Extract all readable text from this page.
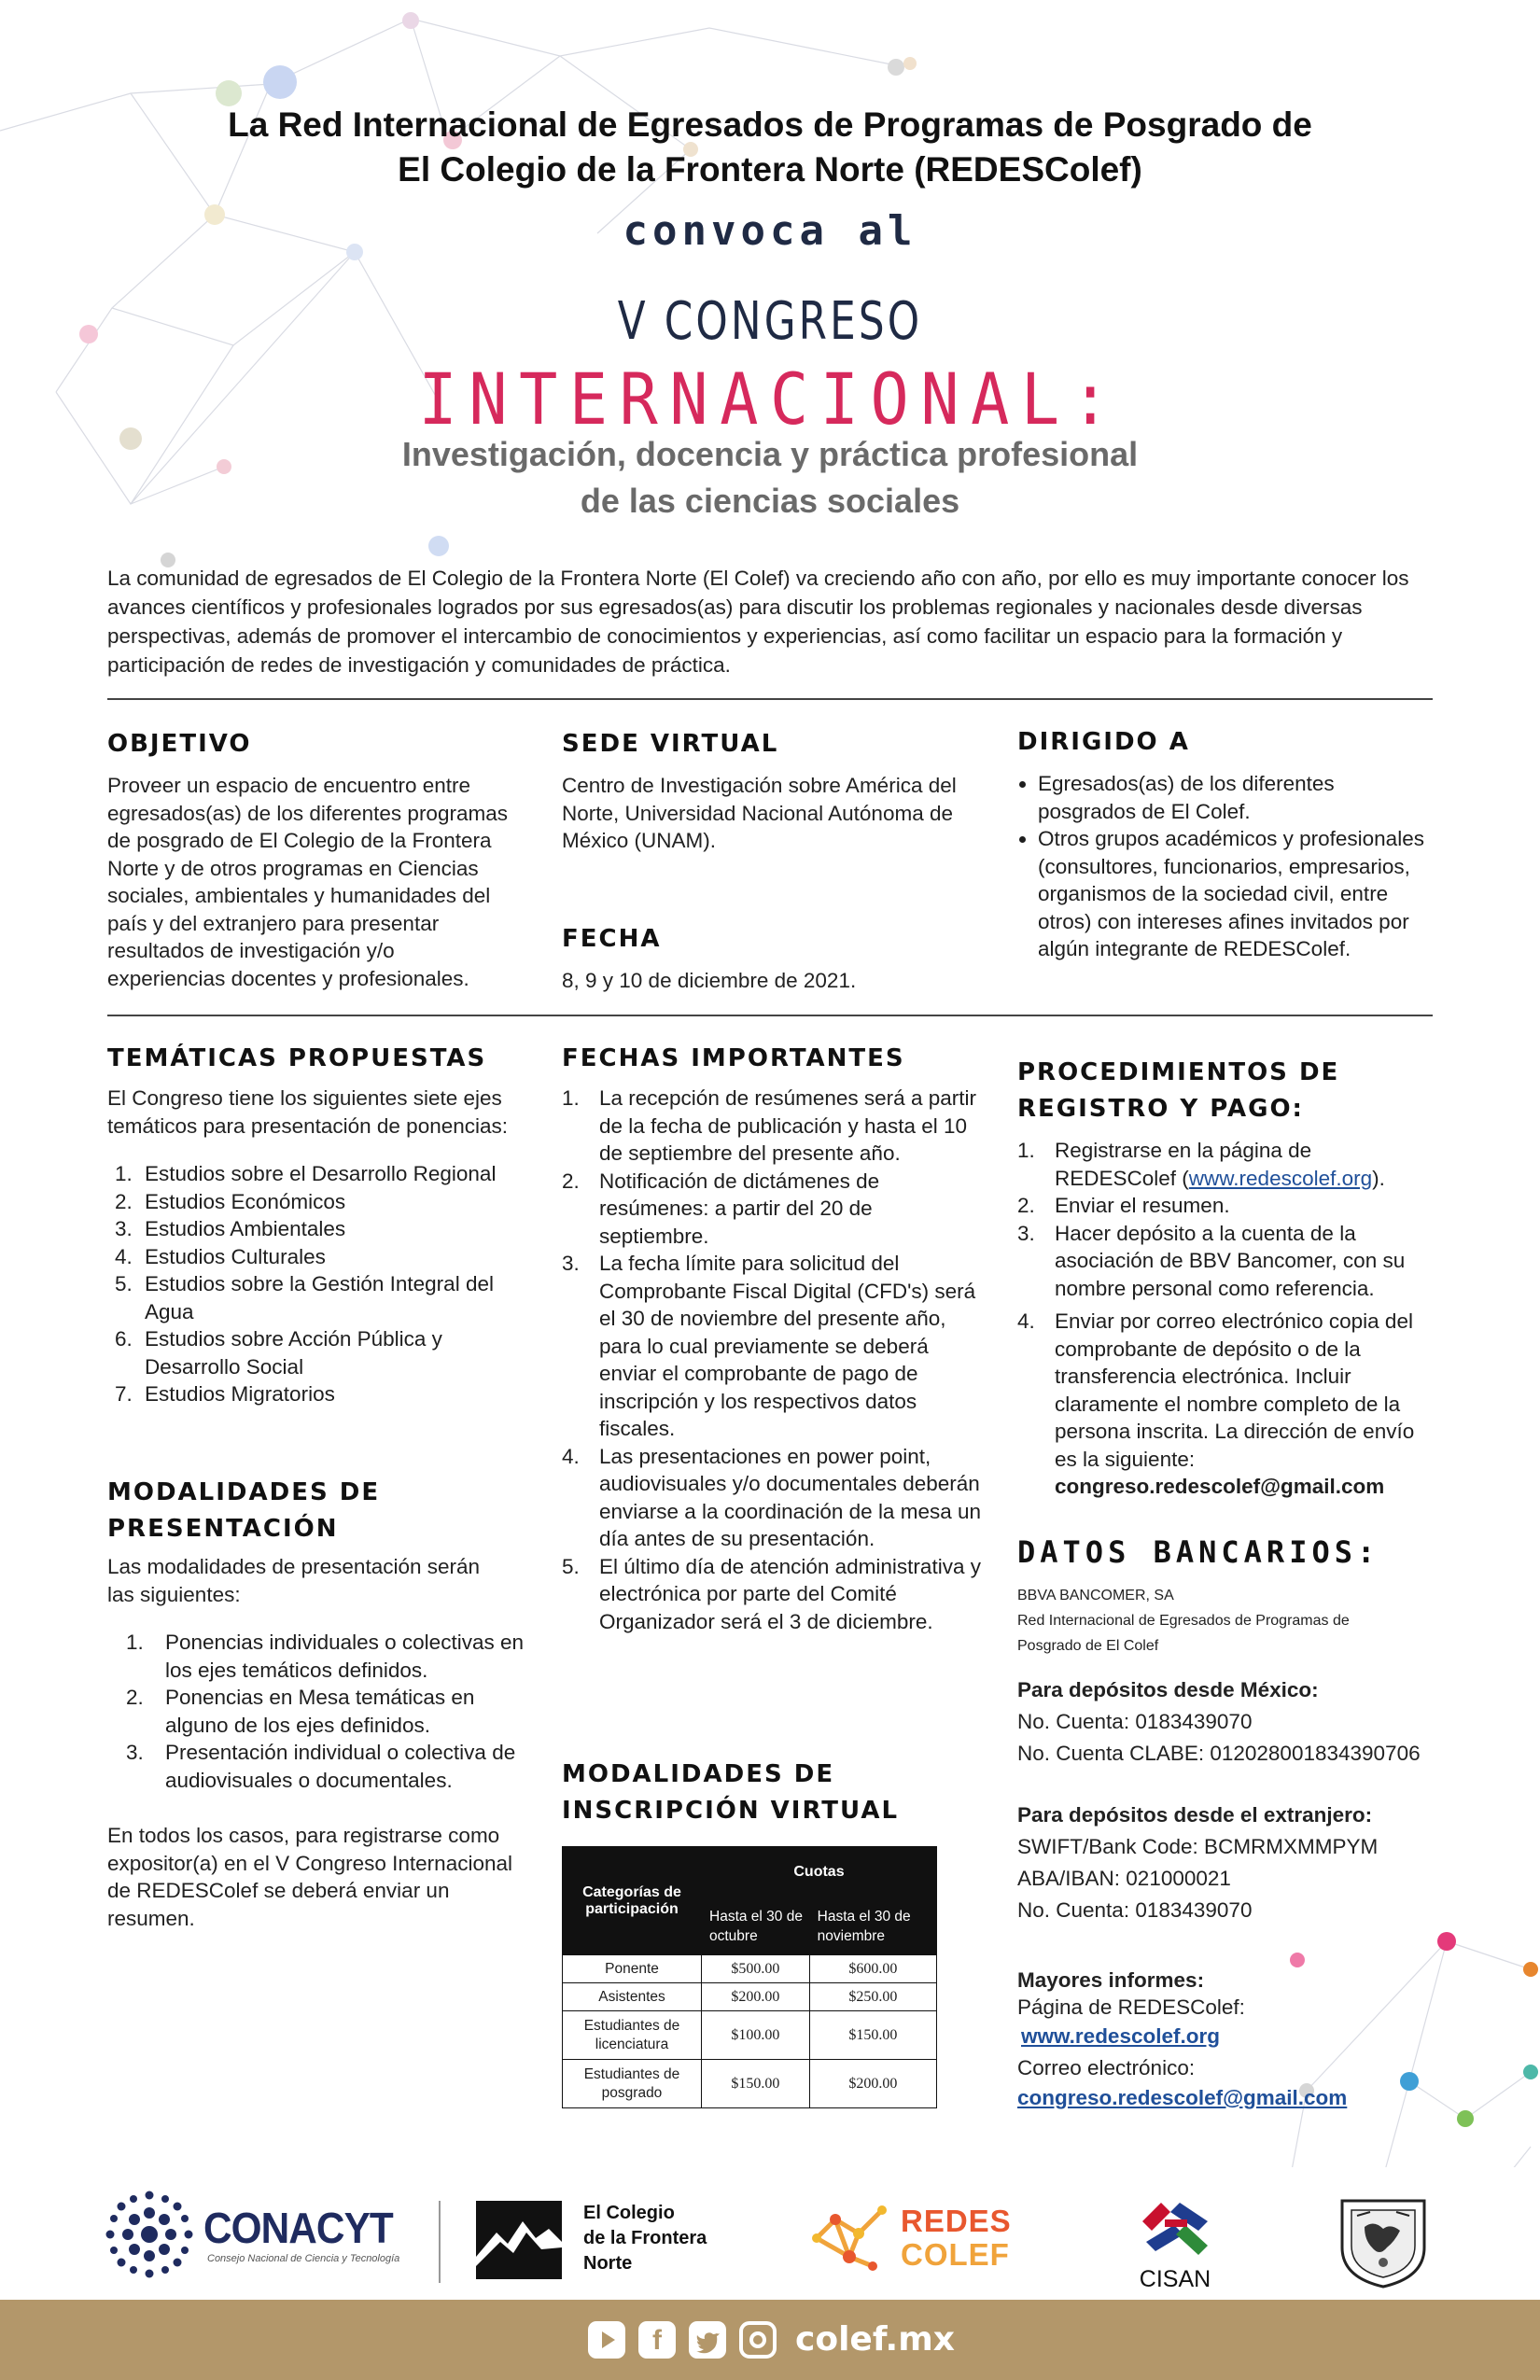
La Red Internacional de Egresados de Programas de Posgrado de
El Colegio de la Frontera Norte (REDESColef)
convoca al
V CONGRESO
INTERNACIONAL:
Investigación, docencia y práctica profesional
de las ciencias sociales
La comunidad de egresados de El Colegio de la Frontera Norte (El Colef) va creciendo año con año, por ello es muy importante conocer los avances científicos y profesionales logrados por sus egresados(as) para discutir los problemas regionales y nacionales desde diversas perspectivas, además de promover el intercambio de conocimientos y experiencias, así como facilitar un espacio para la formación y participación de redes de investigación y comunidades de práctica.
OBJETIVO
Proveer un espacio de encuentro entre egresados(as) de los diferentes programas de posgrado de El Colegio de la Frontera Norte y de otros programas en Ciencias sociales, ambientales y humanidades del país y del extranjero para presentar resultados de investigación y/o experiencias docentes y profesionales.
SEDE VIRTUAL
Centro de Investigación sobre América del Norte, Universidad Nacional Autónoma de México (UNAM).
FECHA
8, 9 y 10 de diciembre de 2021.
DIRIGIDO A
• Egresados(as) de los diferentes posgrados de El Colef.
• Otros grupos académicos y profesionales (consultores, funcionarios, empresarios, organismos de la sociedad civil, entre otros) con intereses afines invitados por algún integrante de REDESColef.
TEMÁTICAS PROPUESTAS
El Congreso tiene los siguientes siete ejes temáticos para presentación de ponencias:
1. Estudios sobre el Desarrollo Regional
2. Estudios Económicos
3. Estudios Ambientales
4. Estudios Culturales
5. Estudios sobre la Gestión Integral del Agua
6. Estudios sobre Acción Pública y Desarrollo Social
7. Estudios Migratorios
MODALIDADES DE PRESENTACIÓN
Las modalidades de presentación serán las siguientes:
1. Ponencias individuales o colectivas en los ejes temáticos definidos.
2. Ponencias en Mesa temáticas en alguno de los ejes definidos.
3. Presentación individual o colectiva de audiovisuales o documentales.
En todos los casos, para registrarse como expositor(a) en el V Congreso Internacional de REDESColef se deberá enviar un resumen.
FECHAS IMPORTANTES
1. La recepción de resúmenes será a partir de la fecha de publicación y hasta el 10 de septiembre del presente año.
2. Notificación de dictámenes de resúmenes: a partir del 20 de septiembre.
3. La fecha límite para solicitud del Comprobante Fiscal Digital (CFD's) será el 30 de noviembre del presente año, para lo cual previamente se deberá enviar el comprobante de pago de inscripción y los respectivos datos fiscales.
4. Las presentaciones en power point, audiovisuales y/o documentales deberán enviarse a la coordinación de la mesa un día antes de su presentación.
5. El último día de atención administrativa y electrónica por parte del Comité Organizador será el 3 de diciembre.
MODALIDADES DE
INSCRIPCIÓN VIRTUAL
Categorías de participación	Cuotas	
	Hasta el 30 de octubre	Hasta el 30 de noviembre
Ponente	$500.00	$600.00
Asistentes	$200.00	$250.00
Estudiantes de licenciatura	$100.00	$150.00
Estudiantes de posgrado	$150.00	$200.00
PROCEDIMIENTOS DE
REGISTRO Y PAGO:
1. Registrarse en la página de REDESColef (www.redescolef.org).
2. Enviar el resumen.
3. Hacer depósito a la cuenta de la asociación de BBV Bancomer, con su nombre personal como referencia.
4. Enviar por correo electrónico copia del comprobante de depósito o de la transferencia electrónica. Incluir claramente el nombre completo de la persona inscrita. La dirección de envío es la siguiente:
congreso.redescolef@gmail.com
DATOS BANCARIOS:
BBVA BANCOMER, SA
Red Internacional de Egresados de Programas de
Posgrado de El Colef
Para depósitos desde México:
No. Cuenta: 0183439070
No. Cuenta CLABE: 012028001834390706
Para depósitos desde el extranjero:
SWIFT/Bank Code: BCMRMXMMPYM
ABA/IBAN: 021000021
No. Cuenta: 0183439070
Mayores informes:
Página de REDESColef:
www.redescolef.org
Correo electrónico:
congreso.redescolef@gmail.com
CONACYT
Consejo Nacional de Ciencia y Tecnología
El Colegio
de la Frontera
Norte
REDES
COLEF
CISAN
f	colef.mx
